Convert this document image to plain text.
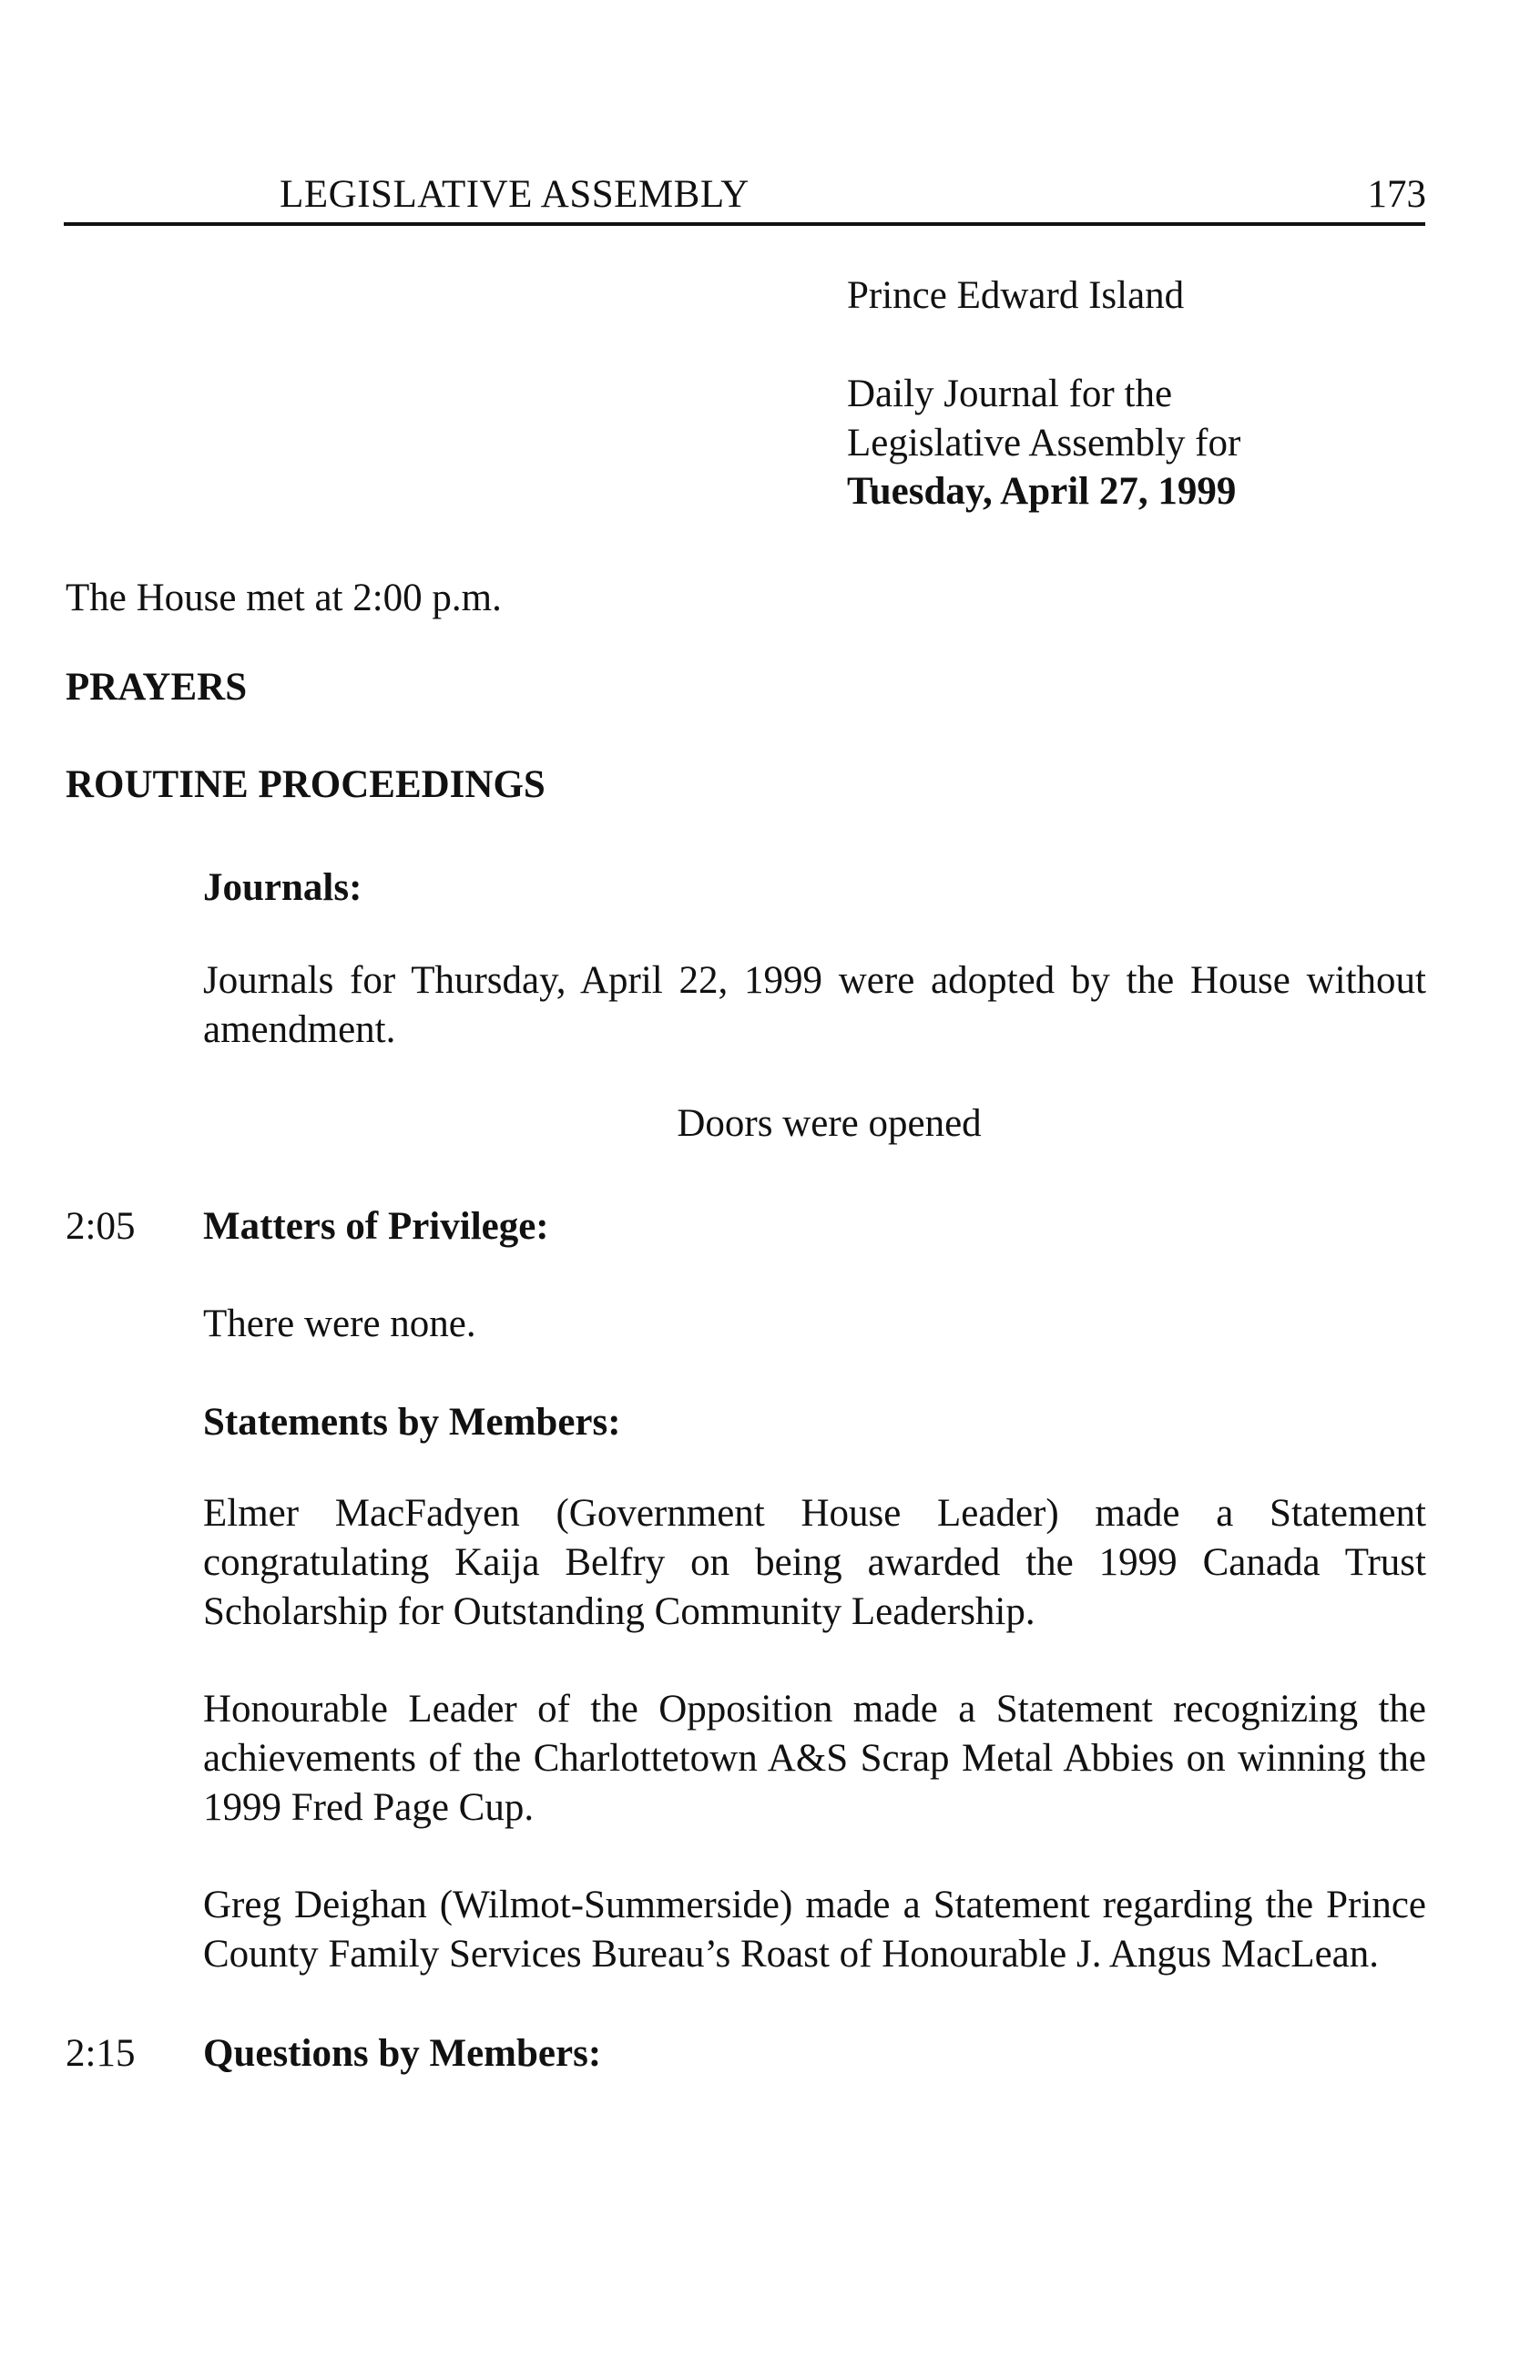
LEGISLATIVE ASSEMBLY	173
Prince Edward Island
Daily Journal for the
Legislative Assembly for
Tuesday, April 27, 1999
The House met at 2:00 p.m.
PRAYERS
ROUTINE PROCEEDINGS
Journals:
Journals for Thursday, April 22, 1999 were adopted by the House without amendment.
Doors were opened
2:05 Matters of Privilege:
There were none.
Statements by Members:
Elmer MacFadyen (Government House Leader) made a Statement congratulating Kaija Belfry on being awarded the 1999 Canada Trust Scholarship for Outstanding Community Leadership.
Honourable Leader of the Opposition made a Statement recognizing the achievements of the Charlottetown A&S Scrap Metal Abbies on winning the 1999 Fred Page Cup.
Greg Deighan (Wilmot-Summerside) made a Statement regarding the Prince County Family Services Bureau’s Roast of Honourable J. Angus MacLean.
2:15 Questions by Members:
